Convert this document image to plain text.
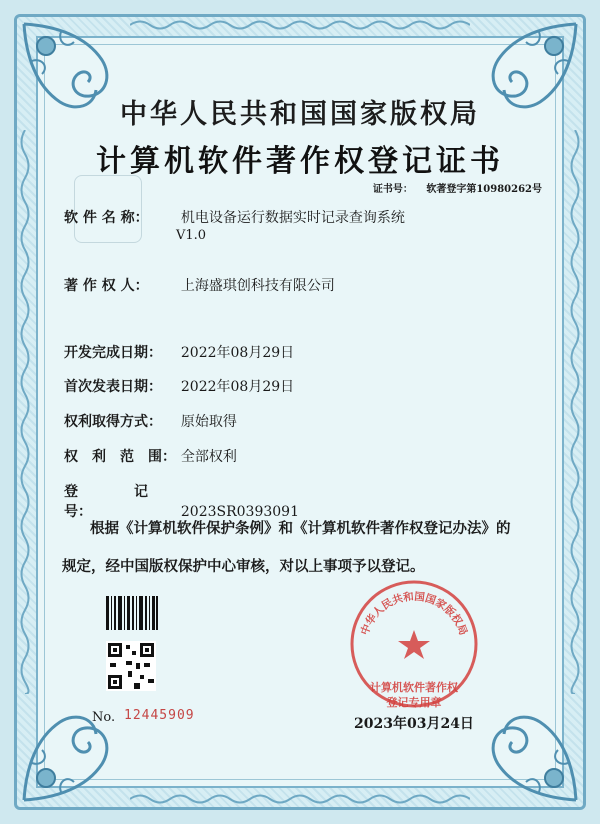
中华人民共和国国家版权局
计算机软件著作权登记证书
证书号： 软著登字第10980262号
软 件 名 称： 机电设备运行数据实时记录查询系统
V1.0
著 作 权 人： 上海盛琪创科技有限公司
开发完成日期： 2022年08月29日
首次发表日期： 2022年08月29日
权利取得方式： 原始取得
权　利　范　围： 全部权利
登　　　　记　号：	2023SR0393091
根据《计算机软件保护条例》和《计算机软件著作权登记办法》的
规定，经中国版权保护中心审核，对以上事项予以登记。
No. 12445909
中华人民共和国国家版权局
计算机软件著作权
登记专用章
2023年03月24日
